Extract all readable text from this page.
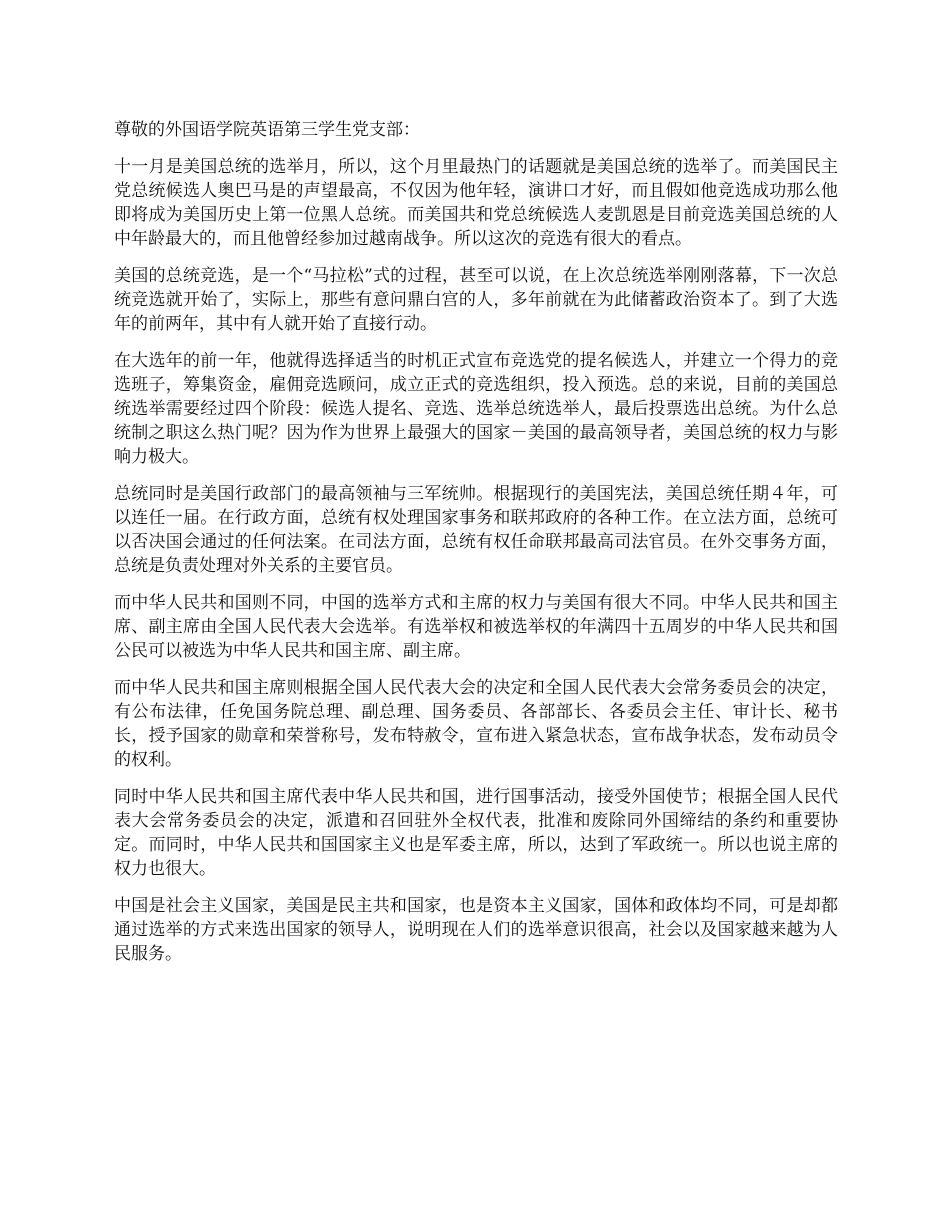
尊敬的外国语学院英语第三学生党支部：

十一月是美国总统的选举月，所以，这个月里最热门的话题就是美国总统的选举了。而美国民主党总统候选人奥巴马是的声望最高，不仅因为他年轻，演讲口才好，而且假如他竞选成功那么他即将成为美国历史上第一位黑人总统。而美国共和党总统候选人麦凯恩是目前竞选美国总统的人中年龄最大的，而且他曾经参加过越南战争。所以这次的竞选有很大的看点。

美国的总统竞选，是一个“马拉松”式的过程，甚至可以说，在上次总统选举刚刚落幕，下一次总统竞选就开始了，实际上，那些有意问鼎白宫的人，多年前就在为此储蓄政治资本了。到了大选年的前两年，其中有人就开始了直接行动。

在大选年的前一年，他就得选择适当的时机正式宣布竞选党的提名候选人，并建立一个得力的竞选班子，筹集资金，雇佣竞选顾问，成立正式的竞选组织，投入预选。总的来说，目前的美国总统选举需要经过四个阶段：候选人提名、竞选、选举总统选举人，最后投票选出总统。为什么总统制之职这么热门呢？因为作为世界上最强大的国家－美国的最高领导者，美国总统的权力与影响力极大。

总统同时是美国行政部门的最高领袖与三军统帅。根据现行的美国宪法，美国总统任期４年，可以连任一届。在行政方面，总统有权处理国家事务和联邦政府的各种工作。在立法方面，总统可以否决国会通过的任何法案。在司法方面，总统有权任命联邦最高司法官员。在外交事务方面，总统是负责处理对外关系的主要官员。

而中华人民共和国则不同，中国的选举方式和主席的权力与美国有很大不同。中华人民共和国主席、副主席由全国人民代表大会选举。有选举权和被选举权的年满四十五周岁的中华人民共和国公民可以被选为中华人民共和国主席、副主席。

而中华人民共和国主席则根据全国人民代表大会的决定和全国人民代表大会常务委员会的决定，有公布法律，任免国务院总理、副总理、国务委员、各部部长、各委员会主任、审计长、秘书长，授予国家的勋章和荣誉称号，发布特赦令，宣布进入紧急状态，宣布战争状态，发布动员令的权利。

同时中华人民共和国主席代表中华人民共和国，进行国事活动，接受外国使节；根据全国人民代表大会常务委员会的决定，派遣和召回驻外全权代表，批准和废除同外国缔结的条约和重要协定。而同时，中华人民共和国国家主义也是军委主席，所以，达到了军政统一。所以也说主席的权力也很大。

中国是社会主义国家，美国是民主共和国家，也是资本主义国家，国体和政体均不同，可是却都通过选举的方式来选出国家的领导人，说明现在人们的选举意识很高，社会以及国家越来越为人民服务。
